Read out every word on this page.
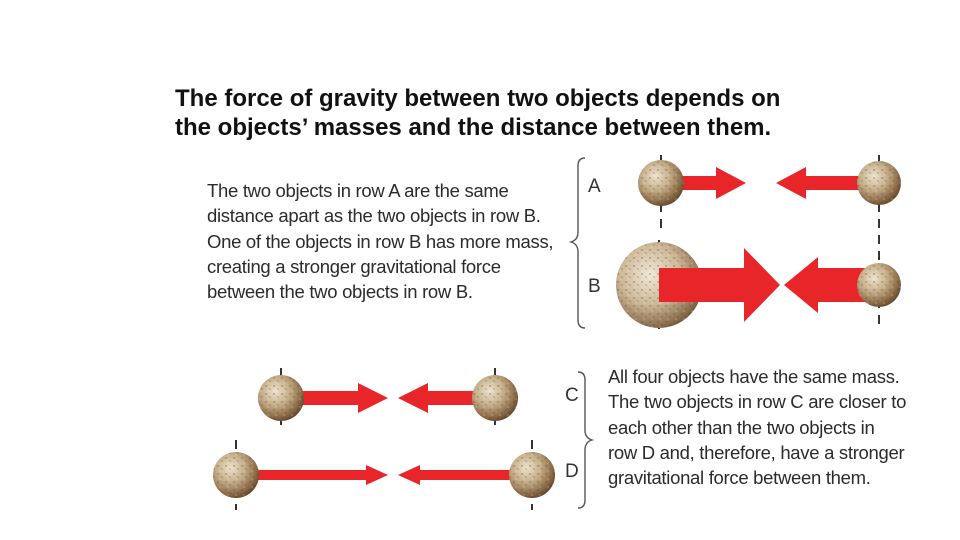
The force of gravity between two objects depends on the objects’ masses and the distance between them.
The two objects in row A are the same distance apart as the two objects in row B. One of the objects in row B has more mass, creating a stronger gravitational force between the two objects in row B.
All four objects have the same mass. The two objects in row C are closer to each other than the two objects in row D and, therefore, have a stronger gravitational force between them.
A
B
C
D
